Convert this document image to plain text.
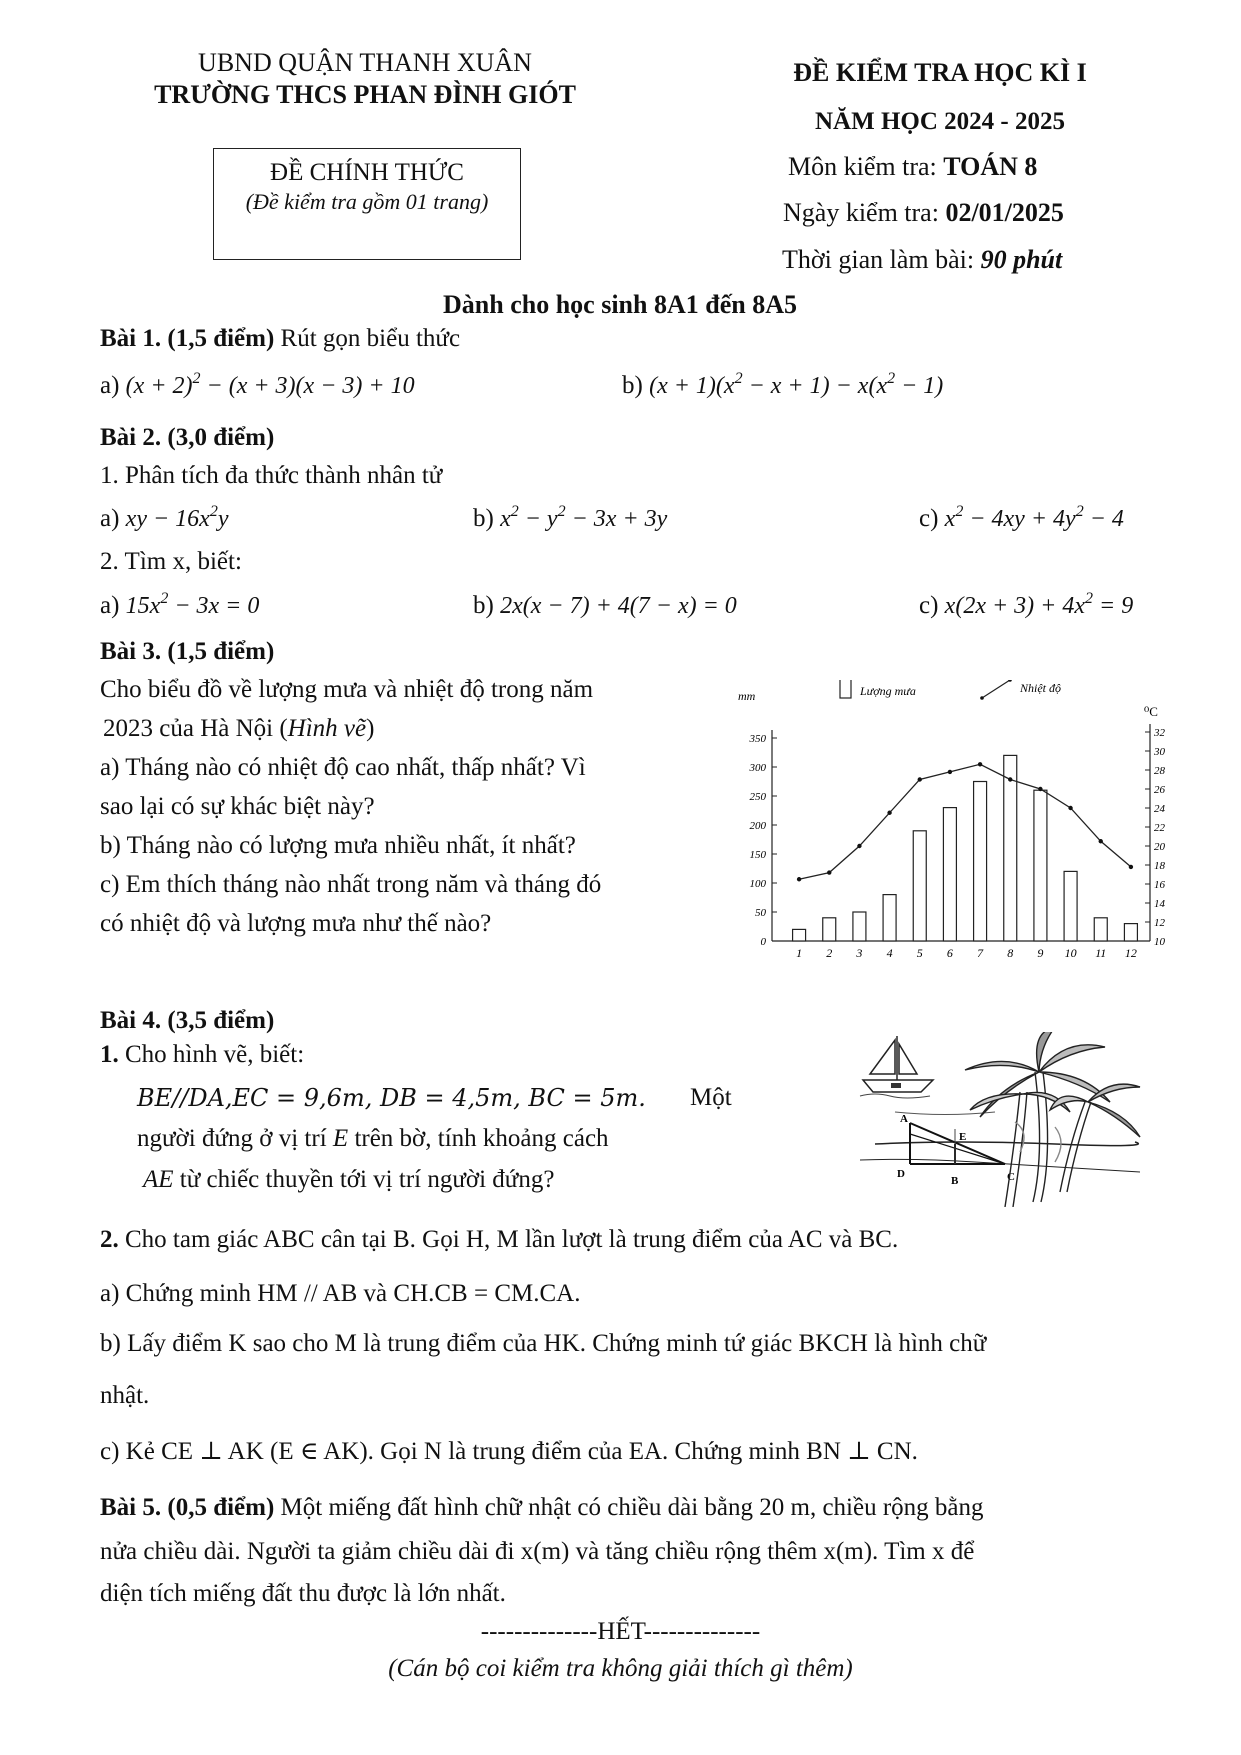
UBND QUẬN THANH XUÂN
TRƯỜNG THCS PHAN ĐÌNH GIÓT
ĐỀ CHÍNH THỨC
(Đề kiểm tra gồm 01 trang)
ĐỀ KIỂM TRA HỌC KÌ I
NĂM HỌC 2024 - 2025
Môn kiểm tra: TOÁN 8
Ngày kiểm tra: 02/01/2025
Thời gian làm bài: 90 phút
Dành cho học sinh 8A1 đến 8A5
Bài 1. (1,5 điểm) Rút gọn biểu thức
a) $(x + 2)^2 - (x + 3)(x - 3) + 10$	b) $(x + 1)(x^2 - x + 1) - x(x^2 - 1)$
Bài 2. (3,0 điểm)
1. Phân tích đa thức thành nhân tử
a) xy − $16x^2y$	b) $x^2 - y^2 - 3x + 3y$	c) $x^2 - 4xy + 4y^2 - 4$
2. Tìm x, biết:
a) $15x^2 - 3x = 0$	b) 2x(x − 7) + 4(7 − x) = 0	c) $x(2x + 3) + 4x^2 = 9$
Bài 3. (1,5 điểm)
Cho biểu đồ về lượng mưa và nhiệt độ trong năm
2023 của Hà Nội (Hình vẽ)
a) Tháng nào có nhiệt độ cao nhất, thấp nhất? Vì
sao lại có sự khác biệt này?
b) Tháng nào có lượng mưa nhiều nhất, ít nhất?
c) Em thích tháng nào nhất trong năm và tháng đó
có nhiệt độ và lượng mưa như thế nào?
mm
⁰C
0
50
100
150
200
250
300
350
10
12
14
16
18
20
22
24
26
28
30
32
1 2 3 4 5 6 7 8 9 10 11 12
Lượng mưa	Nhiệt độ
Bài 4. (3,5 điểm)
1. Cho hình vẽ, biết:
BE//DA,EC = 9,6m, DB = 4,5m, BC = 5m. Một
người đứng ở vị trí E trên bờ, tính khoảng cách
AE từ chiếc thuyền tới vị trí người đứng?
A
E
D
B	C
2. Cho tam giác ABC cân tại B. Gọi H, M lần lượt là trung điểm của AC và BC.
a) Chứng minh HM // AB và CH.CB = CM.CA.
b) Lấy điểm K sao cho M là trung điểm của HK. Chứng minh tứ giác BKCH là hình chữ
nhật.
c) Kẻ CE ⊥ AK (E ∈ AK). Gọi N là trung điểm của EA. Chứng minh BN ⊥ CN.
Bài 5. (0,5 điểm) Một miếng đất hình chữ nhật có chiều dài bằng 20 m, chiều rộng bằng
nửa chiều dài. Người ta giảm chiều dài đi x(m) và tăng chiều rộng thêm x(m). Tìm x để
diện tích miếng đất thu được là lớn nhất.
--------------HẾT--------------
(Cán bộ coi kiểm tra không giải thích gì thêm)
